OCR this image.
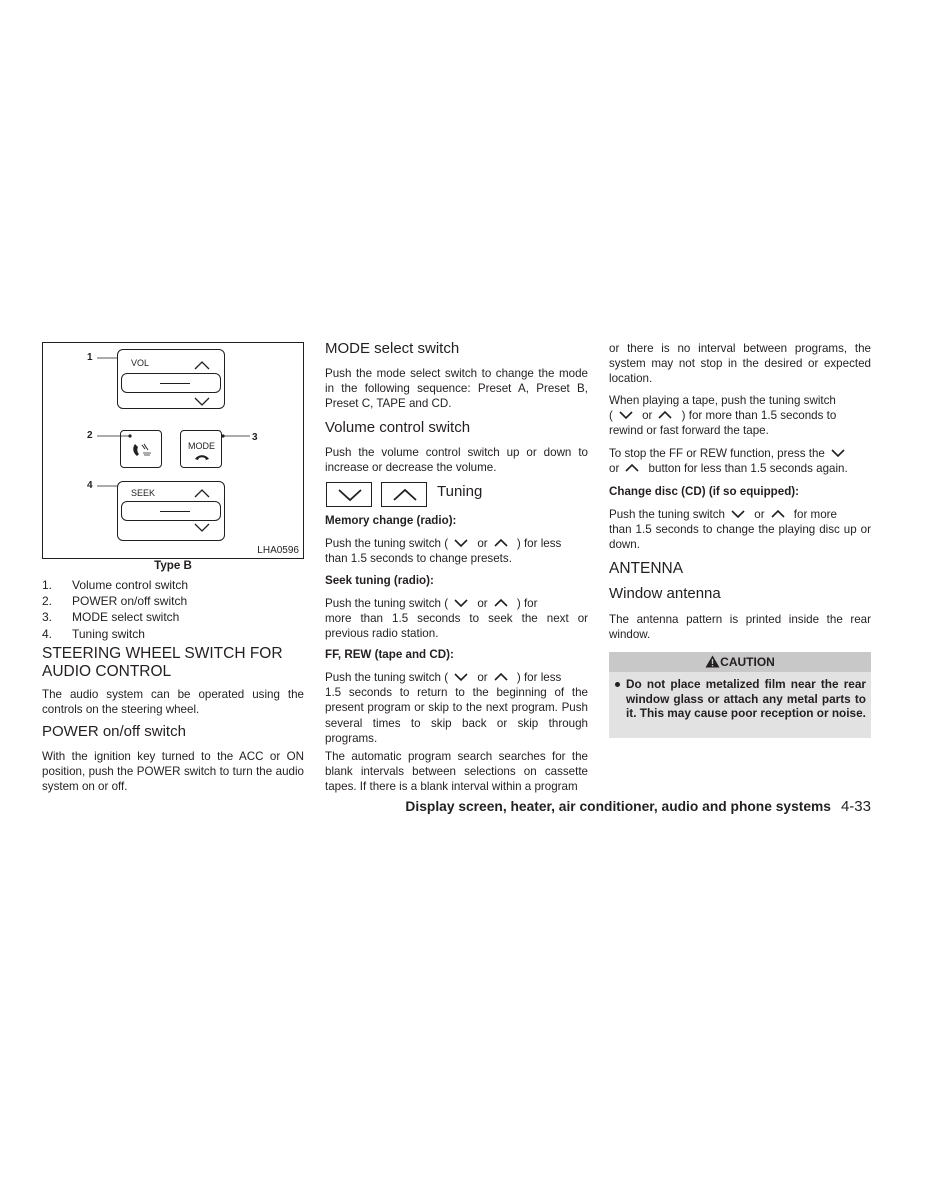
1	VOL
2
MODE
3
4
SEEK
LHA0596
Type B
1.	Volume control switch
2.	POWER on/off switch
3.	MODE select switch
4.	Tuning switch
STEERING WHEEL SWITCH FOR AUDIO CONTROL

The audio system can be operated using the controls on the steering wheel.

POWER on/off switch

With the ignition key turned to the ACC or ON position, push the POWER switch to turn the audio system on or off.

MODE select switch

Push the mode select switch to change the mode in the following sequence: Preset A, Preset B, Preset C, TAPE and CD.

Volume control switch

Push the volume control switch up or down to increase or decrease the volume.

Tuning
Memory change (radio):

Push the tuning switch (	or	) for less
than 1.5 seconds to change presets.

Seek tuning (radio):

Push the tuning switch (	or	) for
more than 1.5 seconds to seek the next or previous radio station.

FF, REW (tape and CD):

Push the tuning switch (	or	) for less
1.5 seconds to return to the beginning of the present program or skip to the next program. Push several times to skip back or skip through programs.

The automatic program search searches for the blank intervals between selections on cassette tapes. If there is a blank interval within a program

or there is no interval between programs, the system may not stop in the desired or expected location.

When playing a tape, push the tuning switch
(	or	) for more than 1.5 seconds to
rewind or fast forward the tape.

To stop the FF or REW function, press the

or	button for less than 1.5 seconds again.

Change disc (CD) (if so equipped):

Push the tuning switch	or	for more
than 1.5 seconds to change the playing disc up or down.

ANTENNA
Window antenna

The antenna pattern is printed inside the rear window.

CAUTION
Do not place metalized film near the rear window glass or attach any metal parts to it. This may cause poor reception or noise.
Display screen, heater, air conditioner, audio and phone systems 4-33
